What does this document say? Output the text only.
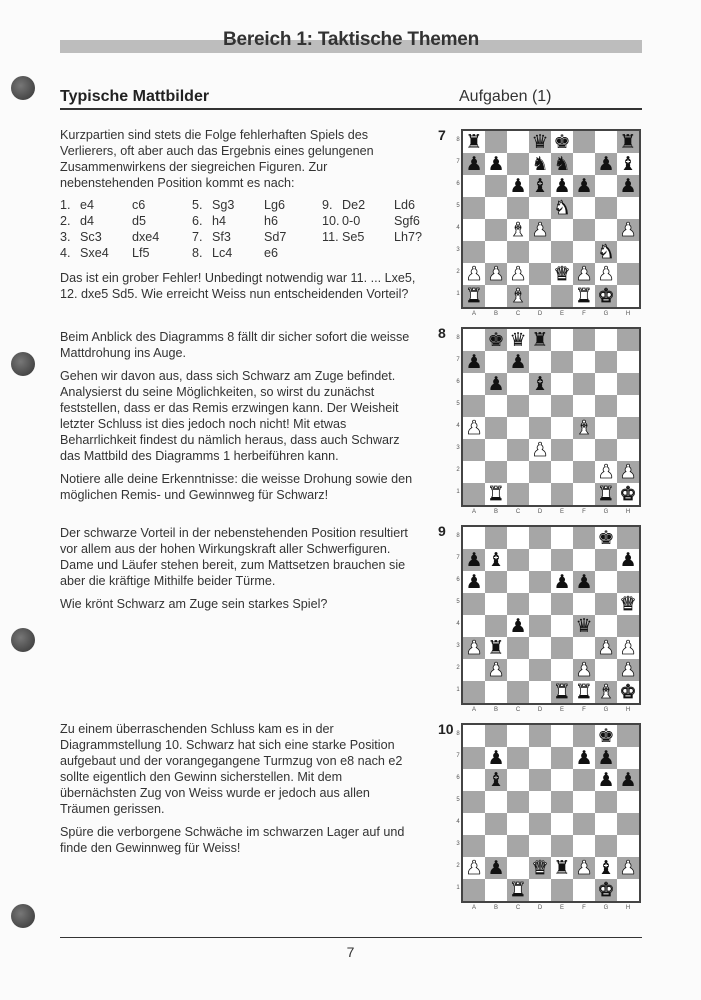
Bereich 1: Taktische Themen
Typische Mattbilder	Aufgaben (1)

Kurzpartien sind stets die Folge fehlerhaften Spiels des Verlierers, oft aber auch das Ergebnis eines gelungenen Zusammenwirkens der siegreichen Figuren. Zur nebenstehenden Position kommt es nach:

1. e4	c6
2. d4	d5
3. Sc3 dxe4
4. Sxe4 Lf5
5. Sg3 Lg6
6. h4	h6
7. Sf3	Sd7
8. Lc4	e6
9. De2 Ld6
10. 0-0	Sgf6
11. Se5 Lh7?

Das ist ein grober Fehler! Unbedingt notwendig war 11. ... Lxe5, 12. dxe5 Sd5. Wie erreicht Weiss nun entscheidenden Vorteil?

Beim Anblick des Diagramms 8 fällt dir sicher sofort die weisse Mattdrohung ins Auge.

Gehen wir davon aus, dass sich Schwarz am Zuge befindet. Analysierst du seine Möglichkeiten, so wirst du zunächst feststellen, dass er das Remis erzwingen kann. Der Weisheit letzter Schluss ist dies jedoch noch nicht! Mit etwas Beharrlichkeit findest du nämlich heraus, dass auch Schwarz das Mattbild des Diagramms 1 herbeiführen kann.

Notiere alle deine Erkenntnisse: die weisse Drohung sowie den möglichen Remis- und Gewinnweg für Schwarz!

Der schwarze Vorteil in der nebenstehenden Position resultiert vor allem aus der hohen Wirkungskraft aller Schwerfiguren. Dame und Läufer stehen bereit, zum Mattsetzen brauchen sie aber die kräftige Mithilfe beider Türme.

Wie krönt Schwarz am Zuge sein starkes Spiel?

Zu einem überraschenden Schluss kam es in der Diagrammstellung 10. Schwarz hat sich eine starke Position aufgebaut und der vorangegangene Turmzug von e8 nach e2 sollte eigentlich den Gewinn sicherstellen. Mit dem übernächsten Zug von Weiss wurde er jedoch aus allen Träumen gerissen.

Spüre die verborgene Schwäche im schwarzen Lager auf und finde den Gewinnweg für Weiss!

7 ♜	♛ ♚	♜
♟ ♟ ♞ ♞ ♟ ♝
♟ ♝ ♟ ♟ ♟
♞
♝ ♟	♟
♞
♟ ♟ ♟ ♛ ♟ ♟
♜ ♝	♜ ♚
8
7
6
5
4
3
2
1
A	B	C	D	E	F	G	H
8 ♚ ♛ ♜
♟ ♟
♟ ♝
♟	♝
♟
♟ ♟
♜	♜ ♚
8
7
6
5
4
3
2
1
A	B	C	D	E	F	G	H
9	♚
♟ ♝	♟
♟	♟ ♟
♛
♟	♛
♟ ♜	♟ ♟
♟	♟ ♟
♜ ♜ ♝ ♚
8
7
6
5
4
3
2
1
A	B	C	D	E	F	G	H
10	♚
♟	♟ ♟
♝	♟ ♟
♟ ♟ ♛ ♜ ♟ ♝ ♟
♜	♚
8
7
6
5
4
3
2
1
A	B	C	D	E	F	G	H
7
